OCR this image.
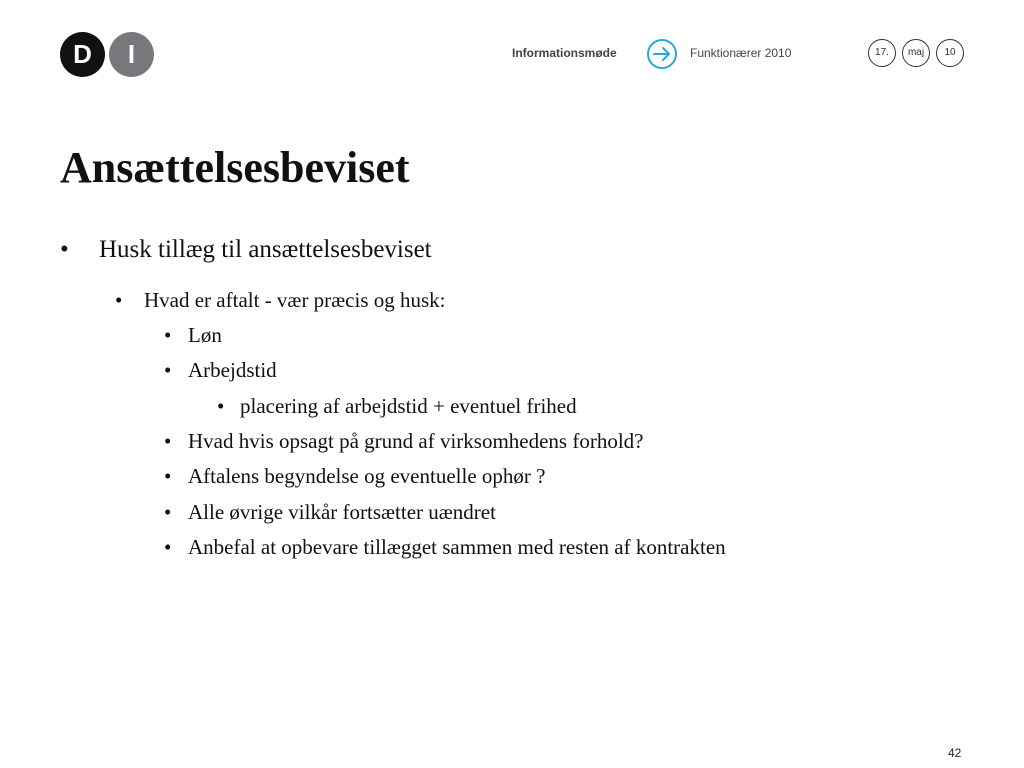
D	I	Informationsmøde	Funktionærer 2010	17.	maj	10
Ansættelsesbeviset
• Husk tillæg til ansættelsesbeviset
• Hvad er aftalt - vær præcis og husk:
• Løn
• Arbejdstid
• placering af arbejdstid + eventuel frihed
• Hvad hvis opsagt på grund af virksomhedens forhold?
• Aftalens begyndelse og eventuelle ophør ?
• Alle øvrige vilkår fortsætter uændret
• Anbefal at opbevare tillægget sammen med resten af kontrakten
42
